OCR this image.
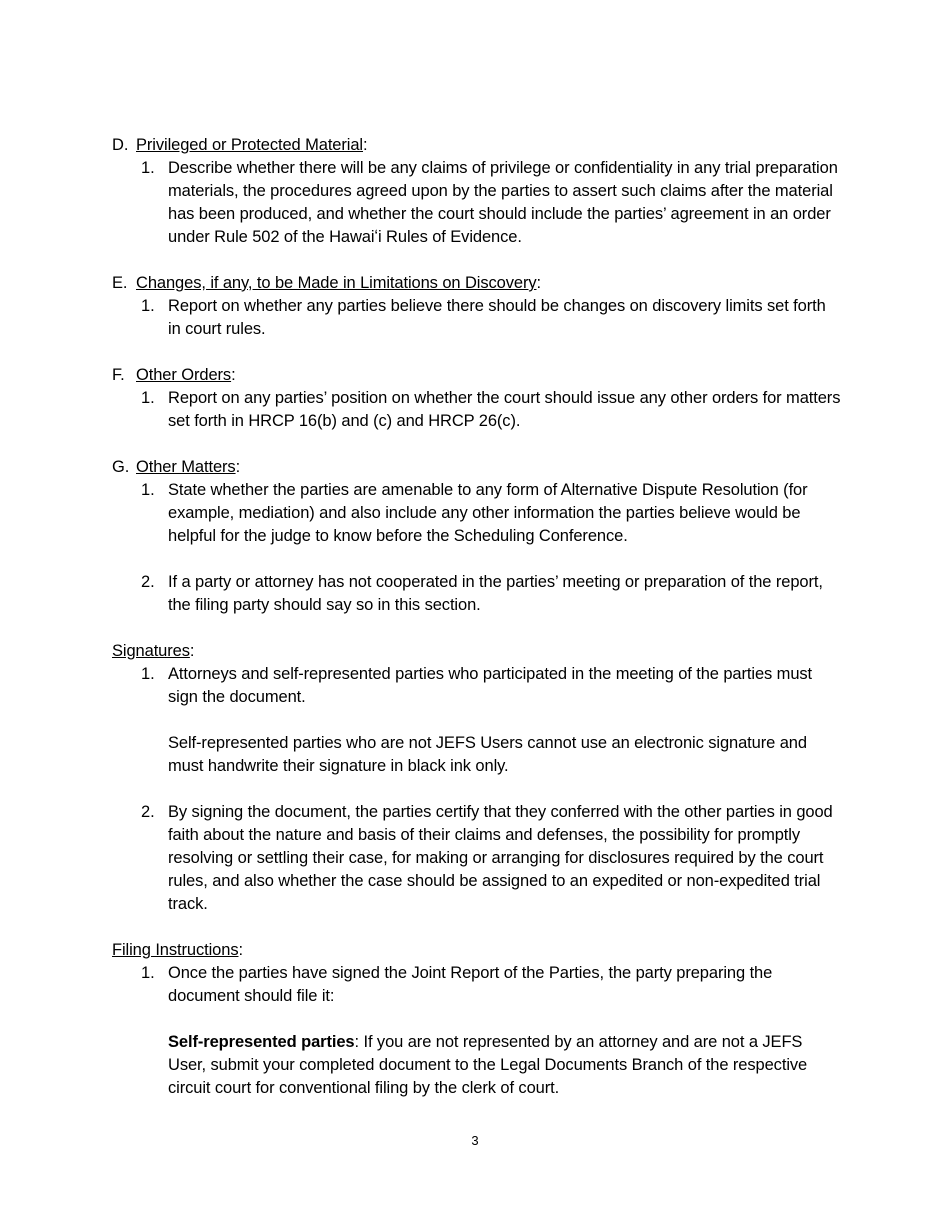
D. Privileged or Protected Material:
1. Describe whether there will be any claims of privilege or confidentiality in any trial preparation materials, the procedures agreed upon by the parties to assert such claims after the material has been produced, and whether the court should include the parties’ agreement in an order under Rule 502 of the Hawaiʻi Rules of Evidence.
E. Changes, if any, to be Made in Limitations on Discovery:
1. Report on whether any parties believe there should be changes on discovery limits set forth in court rules.
F. Other Orders:
1. Report on any parties’ position on whether the court should issue any other orders for matters set forth in HRCP 16(b) and (c) and HRCP 26(c).
G. Other Matters:
1. State whether the parties are amenable to any form of Alternative Dispute Resolution (for example, mediation) and also include any other information the parties believe would be helpful for the judge to know before the Scheduling Conference.
2. If a party or attorney has not cooperated in the parties’ meeting or preparation of the report, the filing party should say so in this section.
Signatures:
1. Attorneys and self-represented parties who participated in the meeting of the parties must sign the document.
Self-represented parties who are not JEFS Users cannot use an electronic signature and must handwrite their signature in black ink only.
2. By signing the document, the parties certify that they conferred with the other parties in good faith about the nature and basis of their claims and defenses, the possibility for promptly resolving or settling their case, for making or arranging for disclosures required by the court rules, and also whether the case should be assigned to an expedited or non-expedited trial track.
Filing Instructions:
1. Once the parties have signed the Joint Report of the Parties, the party preparing the document should file it:
Self-represented parties: If you are not represented by an attorney and are not a JEFS User, submit your completed document to the Legal Documents Branch of the respective circuit court for conventional filing by the clerk of court.
3
